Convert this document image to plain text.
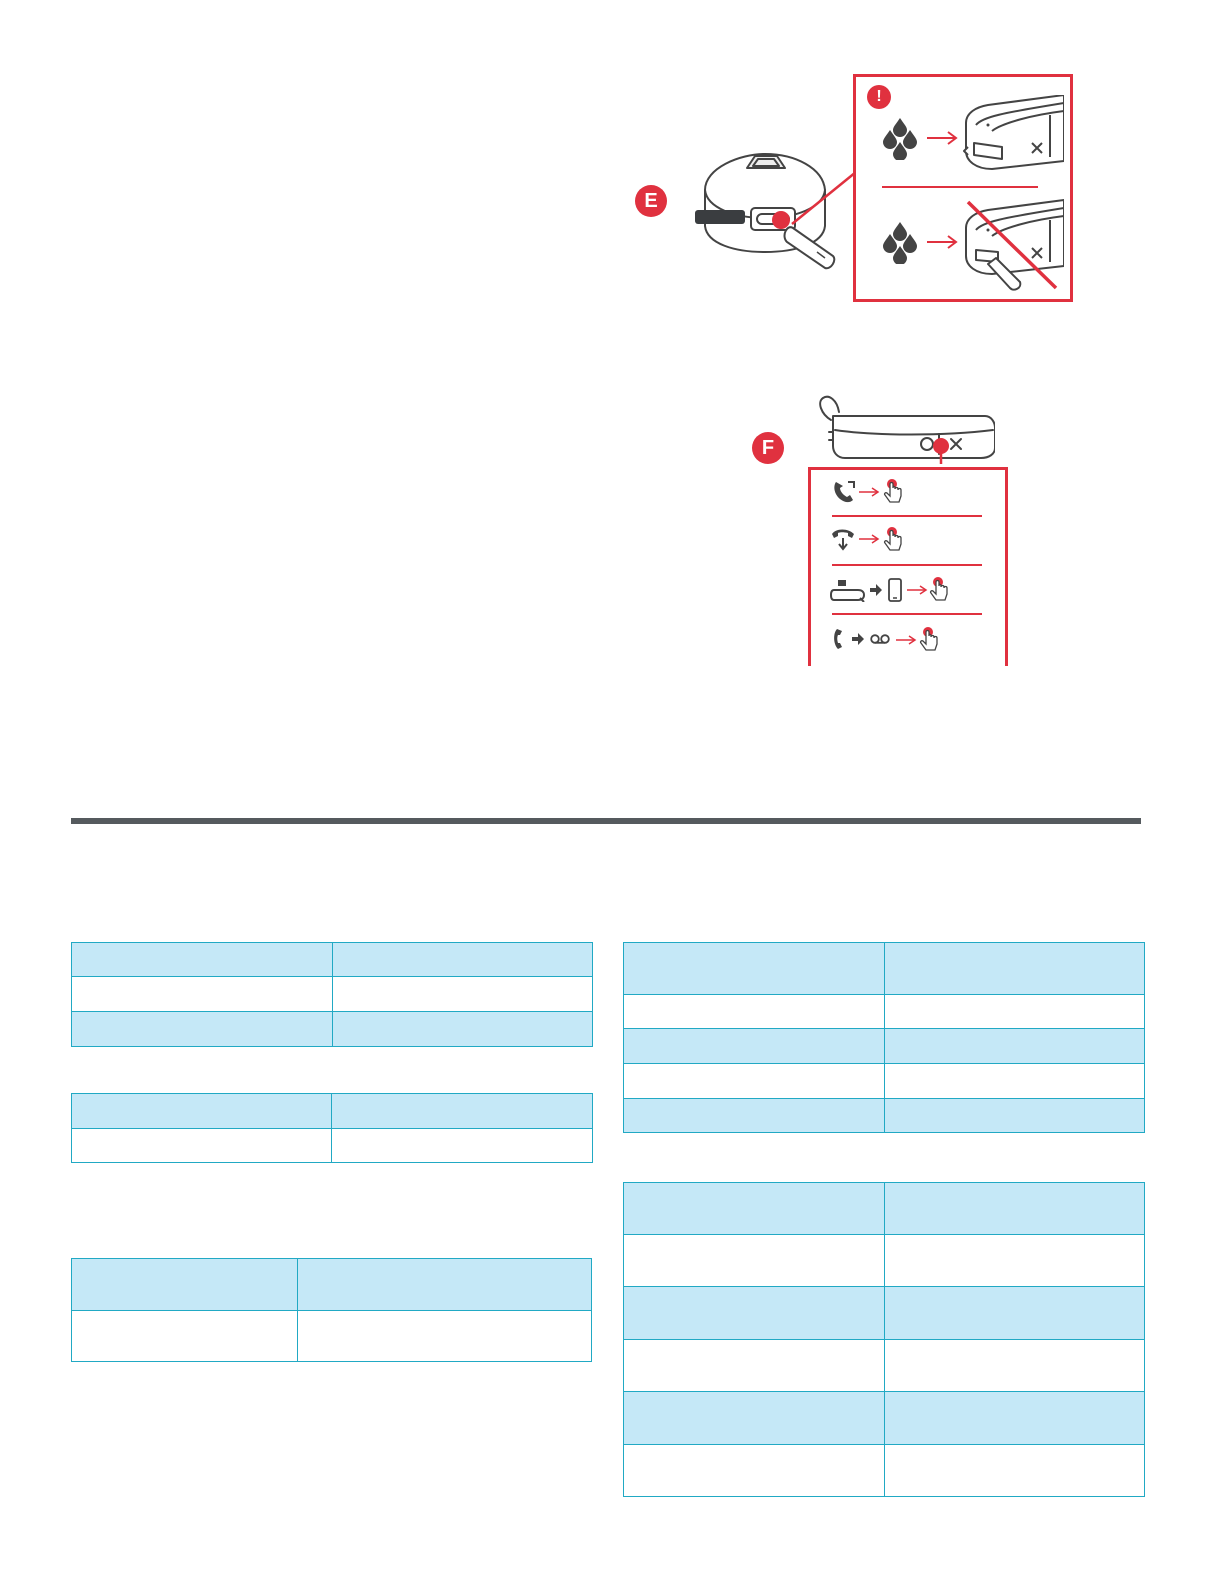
E
!
F
